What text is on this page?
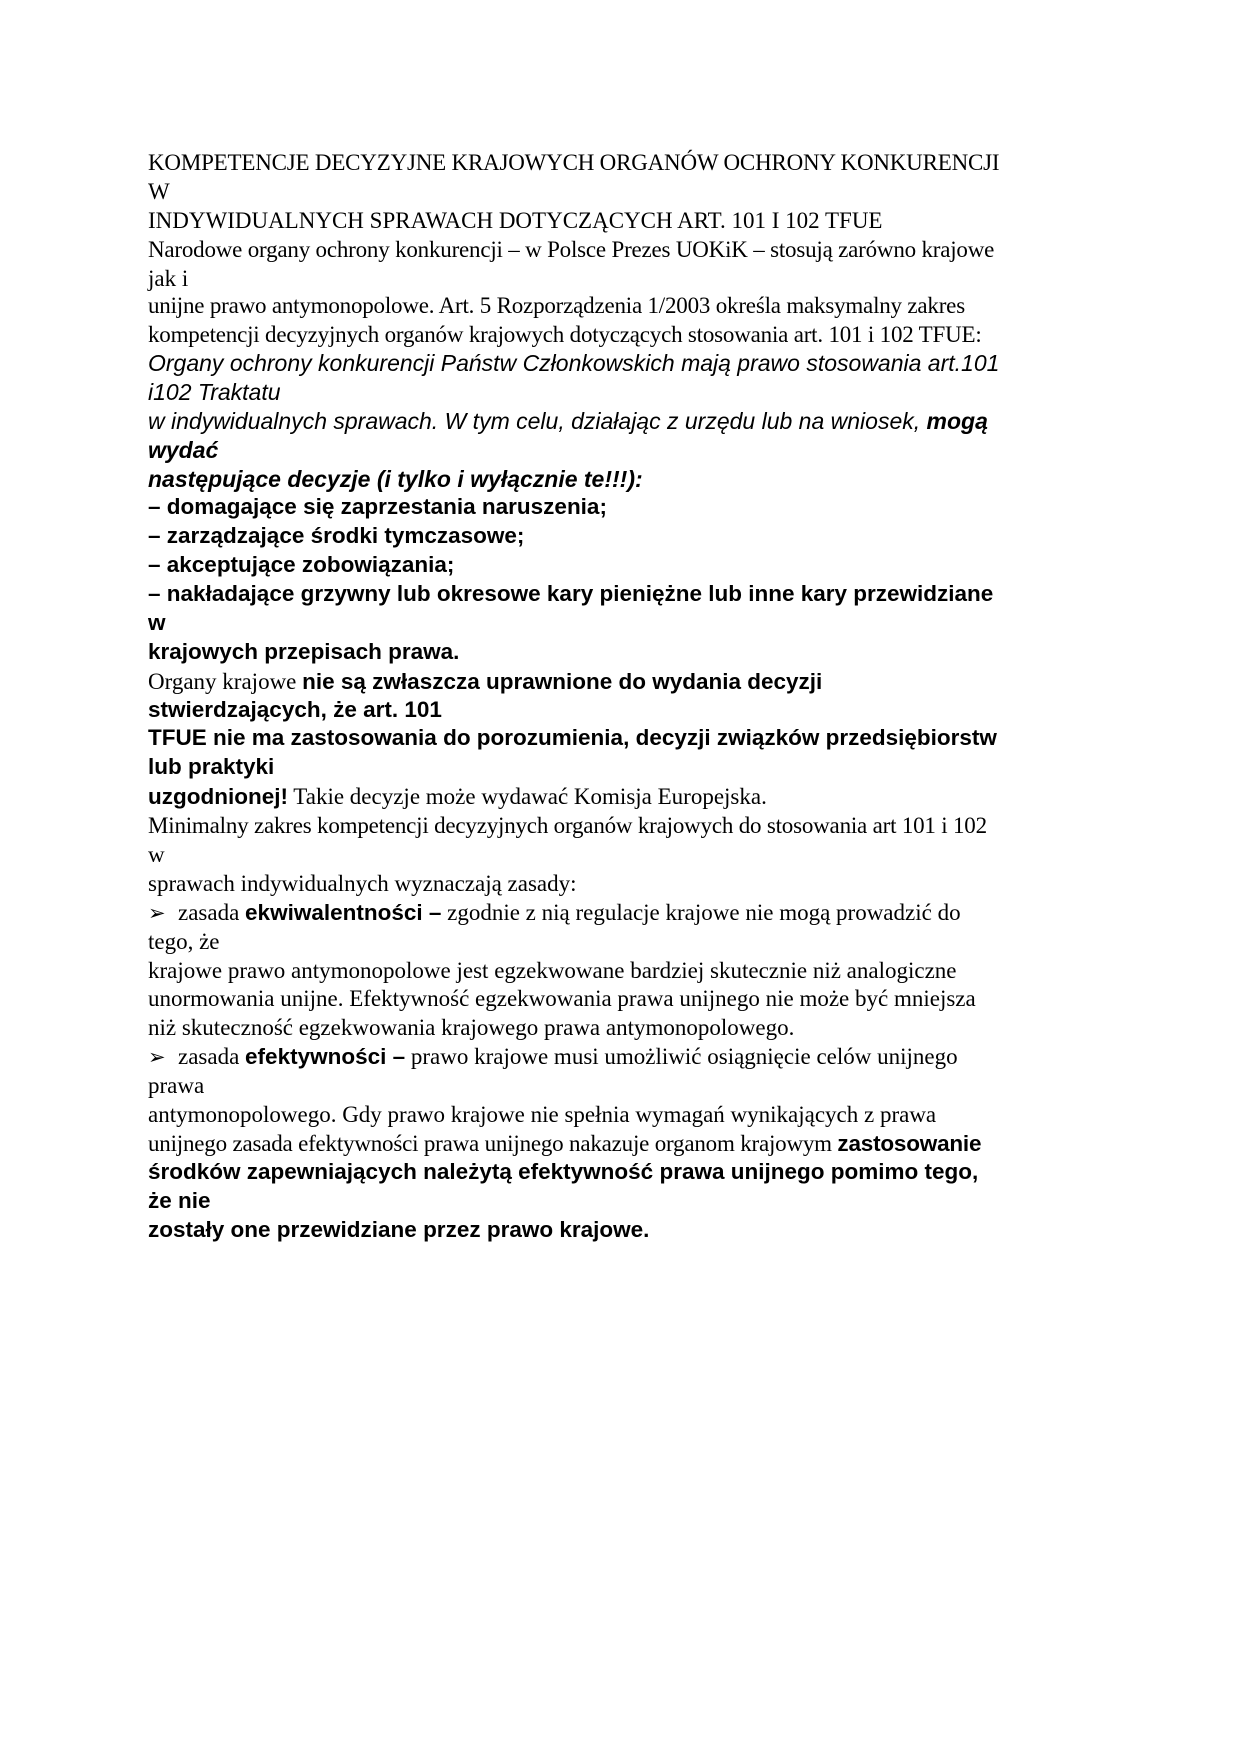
KOMPETENCJE DECYZYJNE KRAJOWYCH ORGANÓW OCHRONY KONKURENCJI

W

INDYWIDUALNYCH SPRAWACH DOTYCZĄCYCH ART. 101 I 102 TFUE

Narodowe organy ochrony konkurencji – w Polsce Prezes UOKiK – stosują zarówno krajowe

jak i

unijne prawo antymonopolowe. Art. 5 Rozporządzenia 1/2003 określa maksymalny zakres

kompetencji decyzyjnych organów krajowych dotyczących stosowania art. 101 i 102 TFUE:

Organy ochrony konkurencji Państw Członkowskich mają prawo stosowania art.101

i102 Traktatu

w indywidualnych sprawach. W tym celu, działając z urzędu lub na wniosek, mogą

wydać

następujące decyzje (i tylko i wyłącznie te!!!):

– domagające się zaprzestania naruszenia;

– zarządzające środki tymczasowe;

– akceptujące zobowiązania;

– nakładające grzywny lub okresowe kary pieniężne lub inne kary przewidziane

w

krajowych przepisach prawa.

Organy krajowe nie są zwłaszcza uprawnione do wydania decyzji

stwierdzających, że art. 101

TFUE nie ma zastosowania do porozumienia, decyzji związków przedsiębiorstw

lub praktyki

uzgodnionej! Takie decyzje może wydawać Komisja Europejska.

Minimalny zakres kompetencji decyzyjnych organów krajowych do stosowania art 101 i 102

w

sprawach indywidualnych wyznaczają zasady:

➢ zasada ekwiwalentności – zgodnie z nią regulacje krajowe nie mogą prowadzić do

tego, że

krajowe prawo antymonopolowe jest egzekwowane bardziej skutecznie niż analogiczne

unormowania unijne. Efektywność egzekwowania prawa unijnego nie może być mniejsza

niż skuteczność egzekwowania krajowego prawa antymonopolowego.

➢ zasada efektywności – prawo krajowe musi umożliwić osiągnięcie celów unijnego

prawa

antymonopolowego. Gdy prawo krajowe nie spełnia wymagań wynikających z prawa

unijnego zasada efektywności prawa unijnego nakazuje organom krajowym zastosowanie

środków zapewniających należytą efektywność prawa unijnego pomimo tego,

że nie

zostały one przewidziane przez prawo krajowe.
